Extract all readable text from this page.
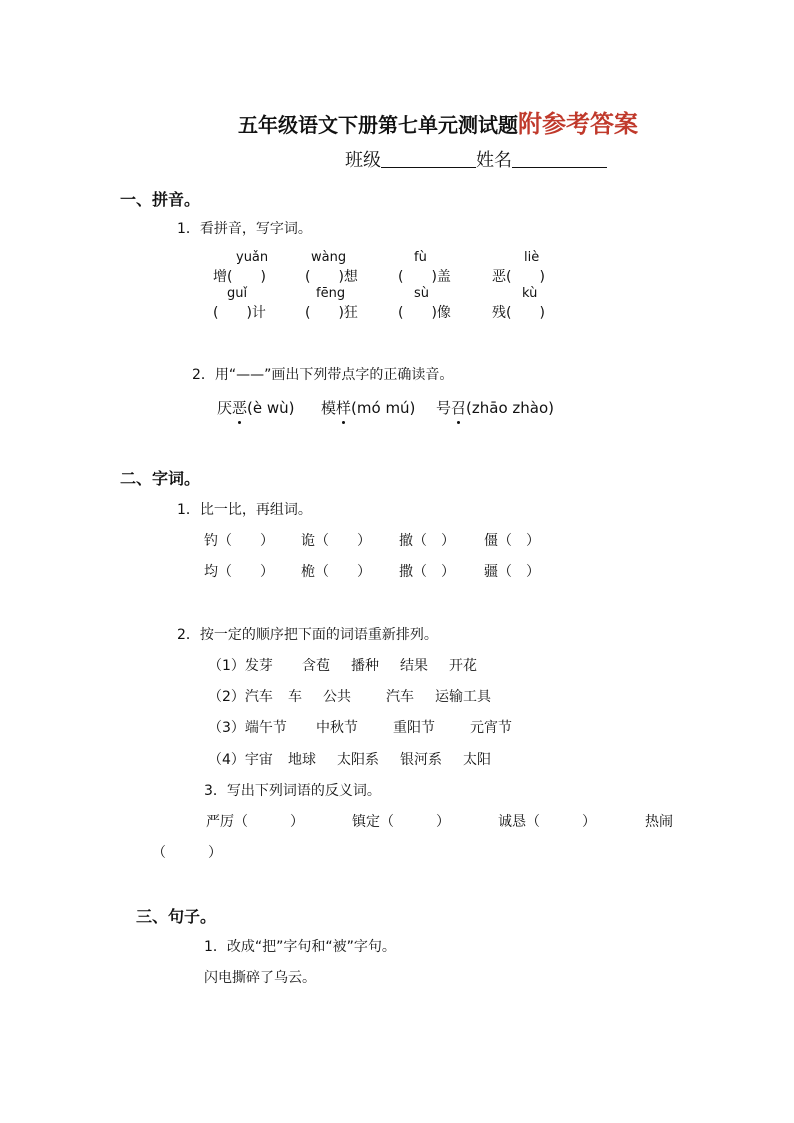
五年级语文下册第七单元测试题附参考答案
班级	姓名
一、拼音。
1．看拼音，写字词。
yuǎn	wàng	fù	liè
增(　　)	(　　)想	(　　)盖	恶(　　)
guǐ	fēng	sù	kù
(　　)计	(　　)狂	(　　)像	残(　　)
2．用“——”画出下列带点字的正确读音。
厌恶(è wù) 模样(mó mú) 号召(zhāo zhào)
二、字词。
1．比一比，再组词。
钓（　　） 诡（　　） 撤（　） 僵（　）
均（　　） 桅（　　） 撒（　） 疆（　）
2．按一定的顺序把下面的词语重新排列。
（1）发芽 含苞 播种 结果 开花
（2）汽车 车 公共	汽车 运输工具
（3）端午节 中秋节	重阳节	元宵节
（4）宇宙 地球 太阳系 银河系 太阳
3．写出下列词语的反义词。
严厉（　　　）	镇定（　　　）	诚恳（　　　）	热闹
（　　　）
三、句子。
1．改成“把”字句和“被”字句。
闪电撕碎了乌云。
